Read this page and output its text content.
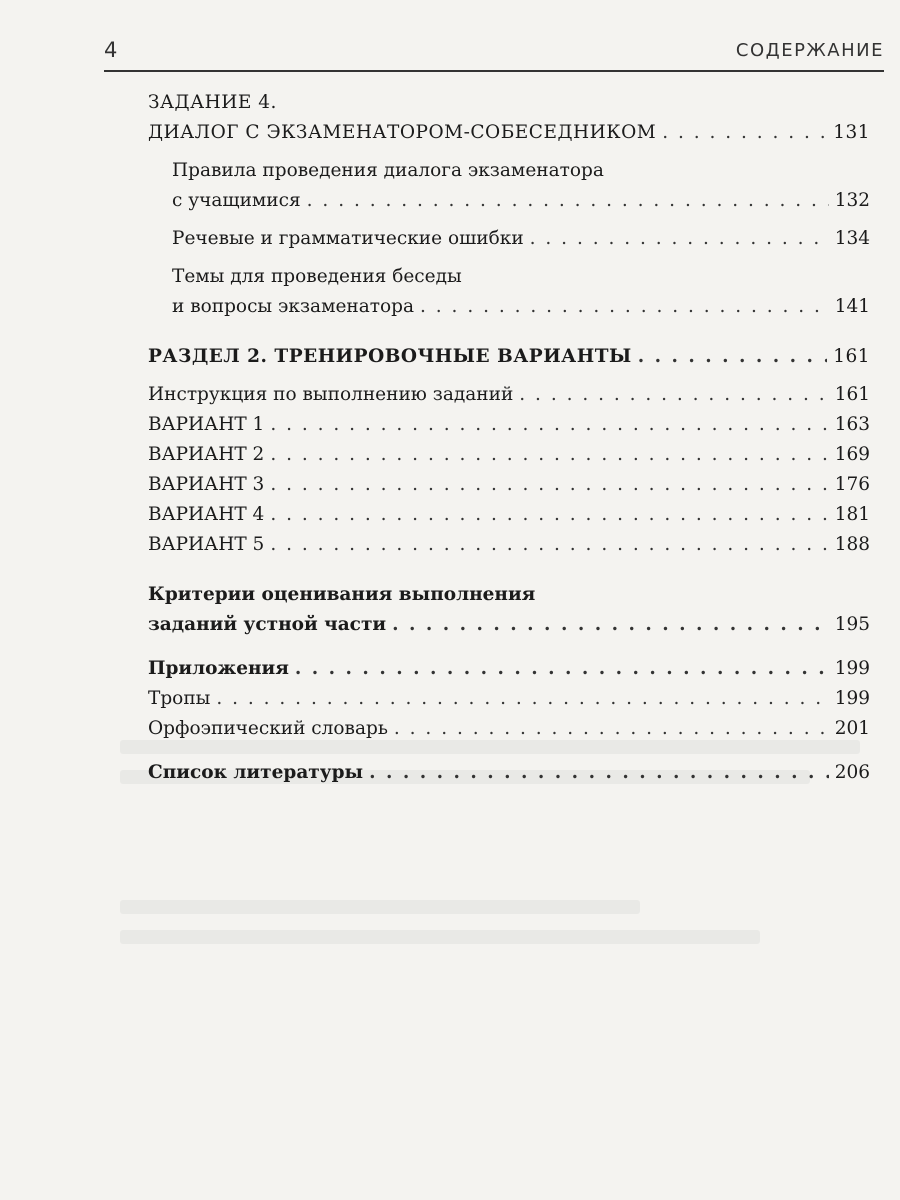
4	СОДЕРЖАНИЕ
ЗАДАНИЕ 4.
ДИАЛОГ С ЭКЗАМЕНАТОРОМ-СОБЕСЕДНИКОМ . . .	131
Правила проведения диалога экзаменатора
с учащимися . . .	132
Речевые и грамматические ошибки . . .	134
Темы для проведения беседы
и вопросы экзаменатора . . .	141
РАЗДЕЛ 2. ТРЕНИРОВОЧНЫЕ ВАРИАНТЫ . . .	161
Инструкция по выполнению заданий . . .	161
ВАРИАНТ 1 . . .	163
ВАРИАНТ 2 . . .	169
ВАРИАНТ 3 . . .	176
ВАРИАНТ 4 . . .	181
ВАРИАНТ 5 . . .	188
Критерии оценивания выполнения
заданий устной части . . .	195
Приложения . . .	199
Тропы . . .	199
Орфоэпический словарь . . .	201
Список литературы . . .	206
